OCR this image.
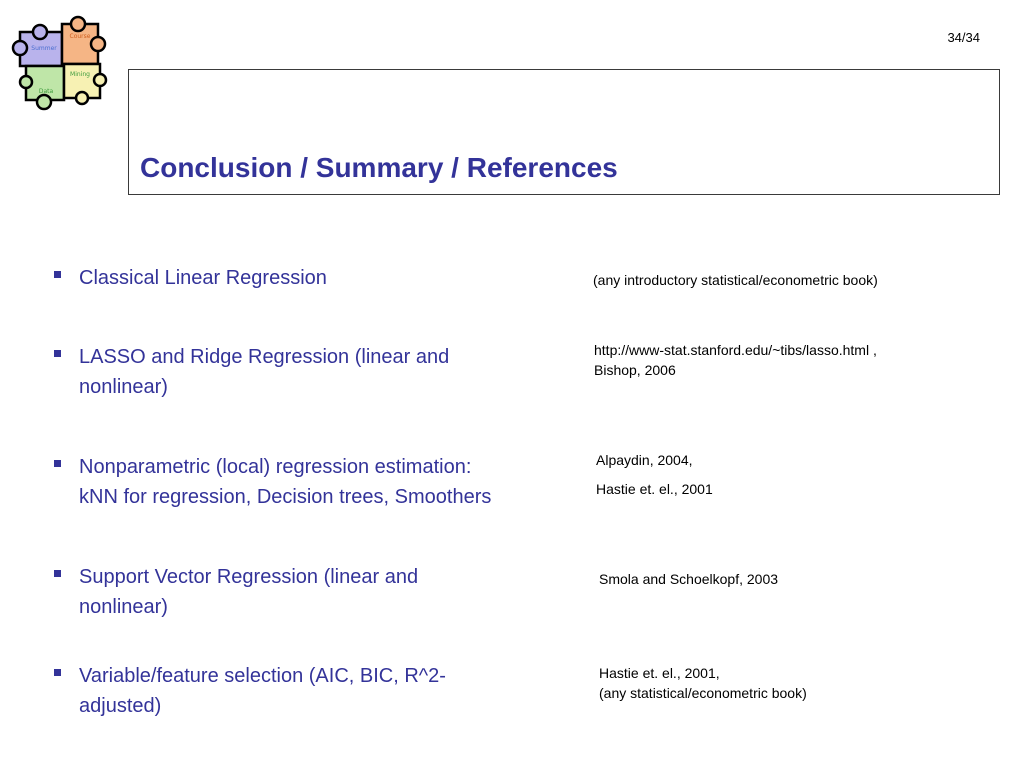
Summer
Course
Data
Mining
34/34
Conclusion / Summary / References
Classical Linear Regression
LASSO and Ridge Regression (linear and
nonlinear)
Nonparametric (local) regression estimation:
kNN for regression, Decision trees, Smoothers
Support Vector Regression (linear and
nonlinear)
Variable/feature selection (AIC, BIC, R^2-
adjusted)
(any introductory statistical/econometric book)
http://www-stat.stanford.edu/~tibs/lasso.html ,
Bishop, 2006
Alpaydin, 2004,
Hastie et. el., 2001
Smola and Schoelkopf, 2003
Hastie et. el., 2001,
(any statistical/econometric book)
